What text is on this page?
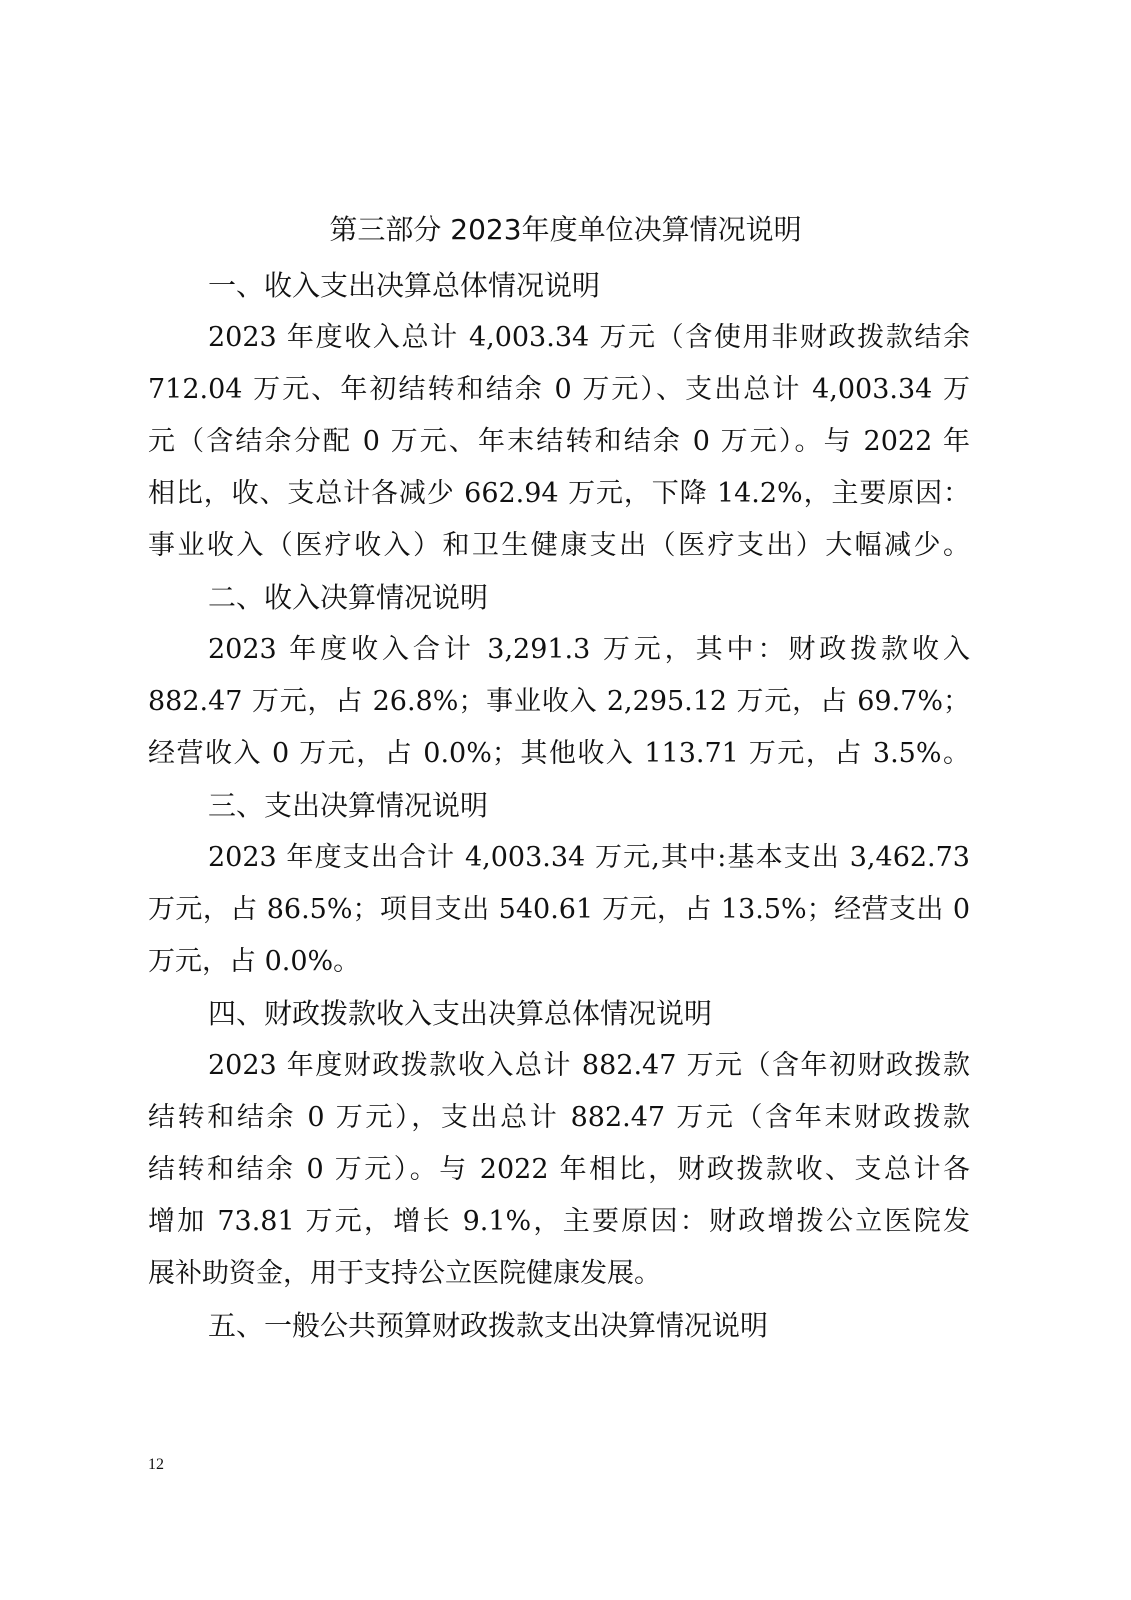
第三部分 2023年度单位决算情况说明
一、收入支出决算总体情况说明
2023 年度收入总计 4,003.34 万元（含使用非财政拨款结余
712.04 万元、年初结转和结余 0 万元）、支出总计 4,003.34 万
元（含结余分配 0 万元、年末结转和结余 0 万元）。与 2022 年
相比，收、支总计各减少 662.94 万元，下降 14.2%，主要原因：
事业收入（医疗收入）和卫生健康支出（医疗支出）大幅减少。
二、收入决算情况说明
2023 年度收入合计 3,291.3 万元，其中：财政拨款收入
882.47 万元，占 26.8%；事业收入 2,295.12 万元，占 69.7%；
经营收入 0 万元，占 0.0%；其他收入 113.71 万元，占 3.5%。
三、支出决算情况说明
2023 年度支出合计 4,003.34 万元,其中:基本支出 3,462.73
万元，占 86.5%；项目支出 540.61 万元，占 13.5%；经营支出 0
万元，占 0.0%。
四、财政拨款收入支出决算总体情况说明
2023 年度财政拨款收入总计 882.47 万元（含年初财政拨款
结转和结余 0 万元），支出总计 882.47 万元（含年末财政拨款
结转和结余 0 万元）。与 2022 年相比，财政拨款收、支总计各
增加 73.81 万元，增长 9.1%，主要原因：财政增拨公立医院发
展补助资金，用于支持公立医院健康发展。
五、一般公共预算财政拨款支出决算情况说明
12
